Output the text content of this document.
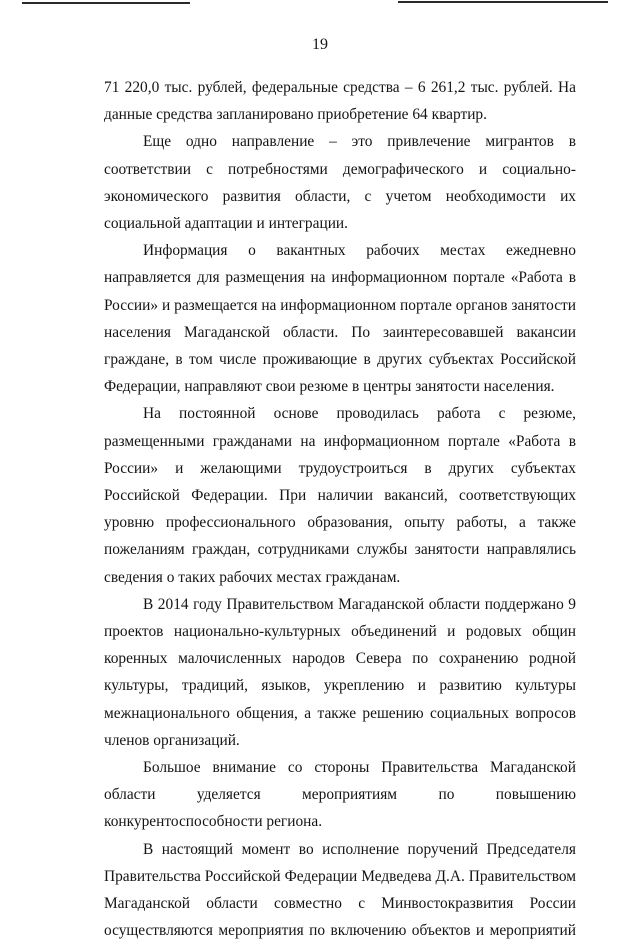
19

71 220,0 тыс. рублей, федеральные средства – 6 261,2 тыс. рублей. На данные средства запланировано приобретение 64 квартир.

Еще одно направление – это привлечение мигрантов в соответствии с потребностями демографического и социально-экономического развития области, с учетом необходимости их социальной адаптации и интеграции.

Информация о вакантных рабочих местах ежедневно направляется для размещения на информационном портале «Работа в России» и размещается на информационном портале органов занятости населения Магаданской области. По заинтересовавшей вакансии граждане, в том числе проживающие в других субъектах Российской Федерации, направляют свои резюме в центры занятости населения.

На постоянной основе проводилась работа с резюме, размещенными гражданами на информационном портале «Работа в России» и желающими трудоустроиться в других субъектах Российской Федерации. При наличии вакансий, соответствующих уровню профессионального образования, опыту работы, а также пожеланиям граждан, сотрудниками службы занятости направлялись сведения о таких рабочих местах гражданам.

В 2014 году Правительством Магаданской области поддержано 9 проектов национально-культурных объединений и родовых общин коренных малочисленных народов Севера по сохранению родной культуры, традиций, языков, укреплению и развитию культуры межнационального общения, а также решению социальных вопросов членов организаций.

Большое внимание со стороны Правительства Магаданской области уделяется мероприятиям по повышению конкурентоспособности региона.

В настоящий момент во исполнение поручений Председателя Правительства Российской Федерации Медведева Д.А. Правительством Магаданской области совместно с Минвостокразвития России осуществляются мероприятия по включению объектов и мероприятий
